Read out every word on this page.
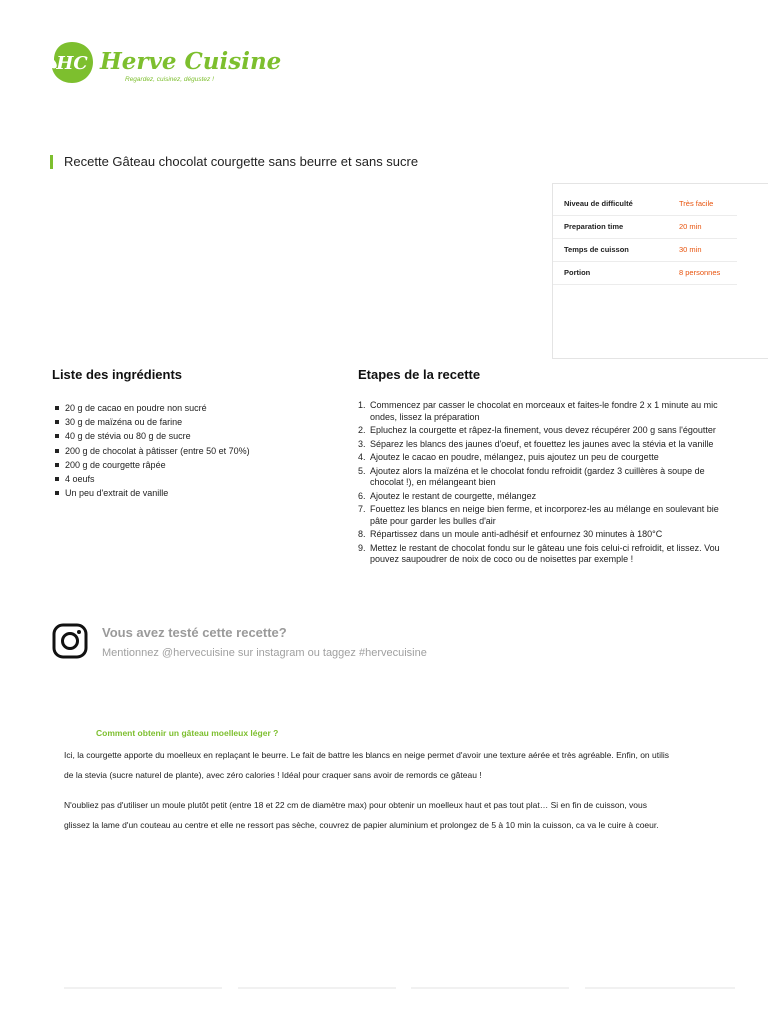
HC Herve Cuisine
Regardez, cuisinez, dégustez !
Recette Gâteau chocolat courgette sans beurre et sans sucre
Niveau de difficulté	Très facile
Preparation time	20 min
Temps de cuisson	30 min
Portion	8 personnes
Liste des ingrédients
20 g de cacao en poudre non sucré
30 g de maïzéna ou de farine
40 g de stévia ou 80 g de sucre
200 g de chocolat à pâtisser (entre 50 et 70%)
200 g de courgette râpée
4 oeufs
Un peu d'extrait de vanille
Etapes de la recette
1. Commencez par casser le chocolat en morceaux et faites-le fondre 2 x 1 minute au mic
ondes, lissez la préparation
2. Epluchez la courgette et râpez-la finement, vous devez récupérer 200 g sans l'égoutter
3. Séparez les blancs des jaunes d'oeuf, et fouettez les jaunes avec la stévia et la vanille
4. Ajoutez le cacao en poudre, mélangez, puis ajoutez un peu de courgette
5. Ajoutez alors la maïzéna et le chocolat fondu refroidit (gardez 3 cuillères à soupe de
chocolat !), en mélangeant bien
6. Ajoutez le restant de courgette, mélangez
7. Fouettez les blancs en neige bien ferme, et incorporez-les au mélange en soulevant bie
pâte pour garder les bulles d'air
8. Répartissez dans un moule anti-adhésif et enfournez 30 minutes à 180°C
9. Mettez le restant de chocolat fondu sur le gâteau une fois celui-ci refroidit, et lissez. Vou
pouvez saupoudrer de noix de coco ou de noisettes par exemple !
Vous avez testé cette recette?
Mentionnez @hervecuisine sur instagram ou taggez #hervecuisine
Comment obtenir un gâteau moelleux léger ?
Ici, la courgette apporte du moelleux en replaçant le beurre. Le fait de battre les blancs en neige permet d'avoir une texture aérée et très agréable. Enfin, on utilis
de la stevia (sucre naturel de plante), avec zéro calories ! Idéal pour craquer sans avoir de remords ce gâteau !
N'oubliez pas d'utiliser un moule plutôt petit (entre 18 et 22 cm de diamètre max) pour obtenir un moelleux haut et pas tout plat… Si en fin de cuisson, vous
glissez la lame d'un couteau au centre et elle ne ressort pas sèche, couvrez de papier aluminium et prolongez de 5 à 10 min la cuisson, ca va le cuire à coeur.
